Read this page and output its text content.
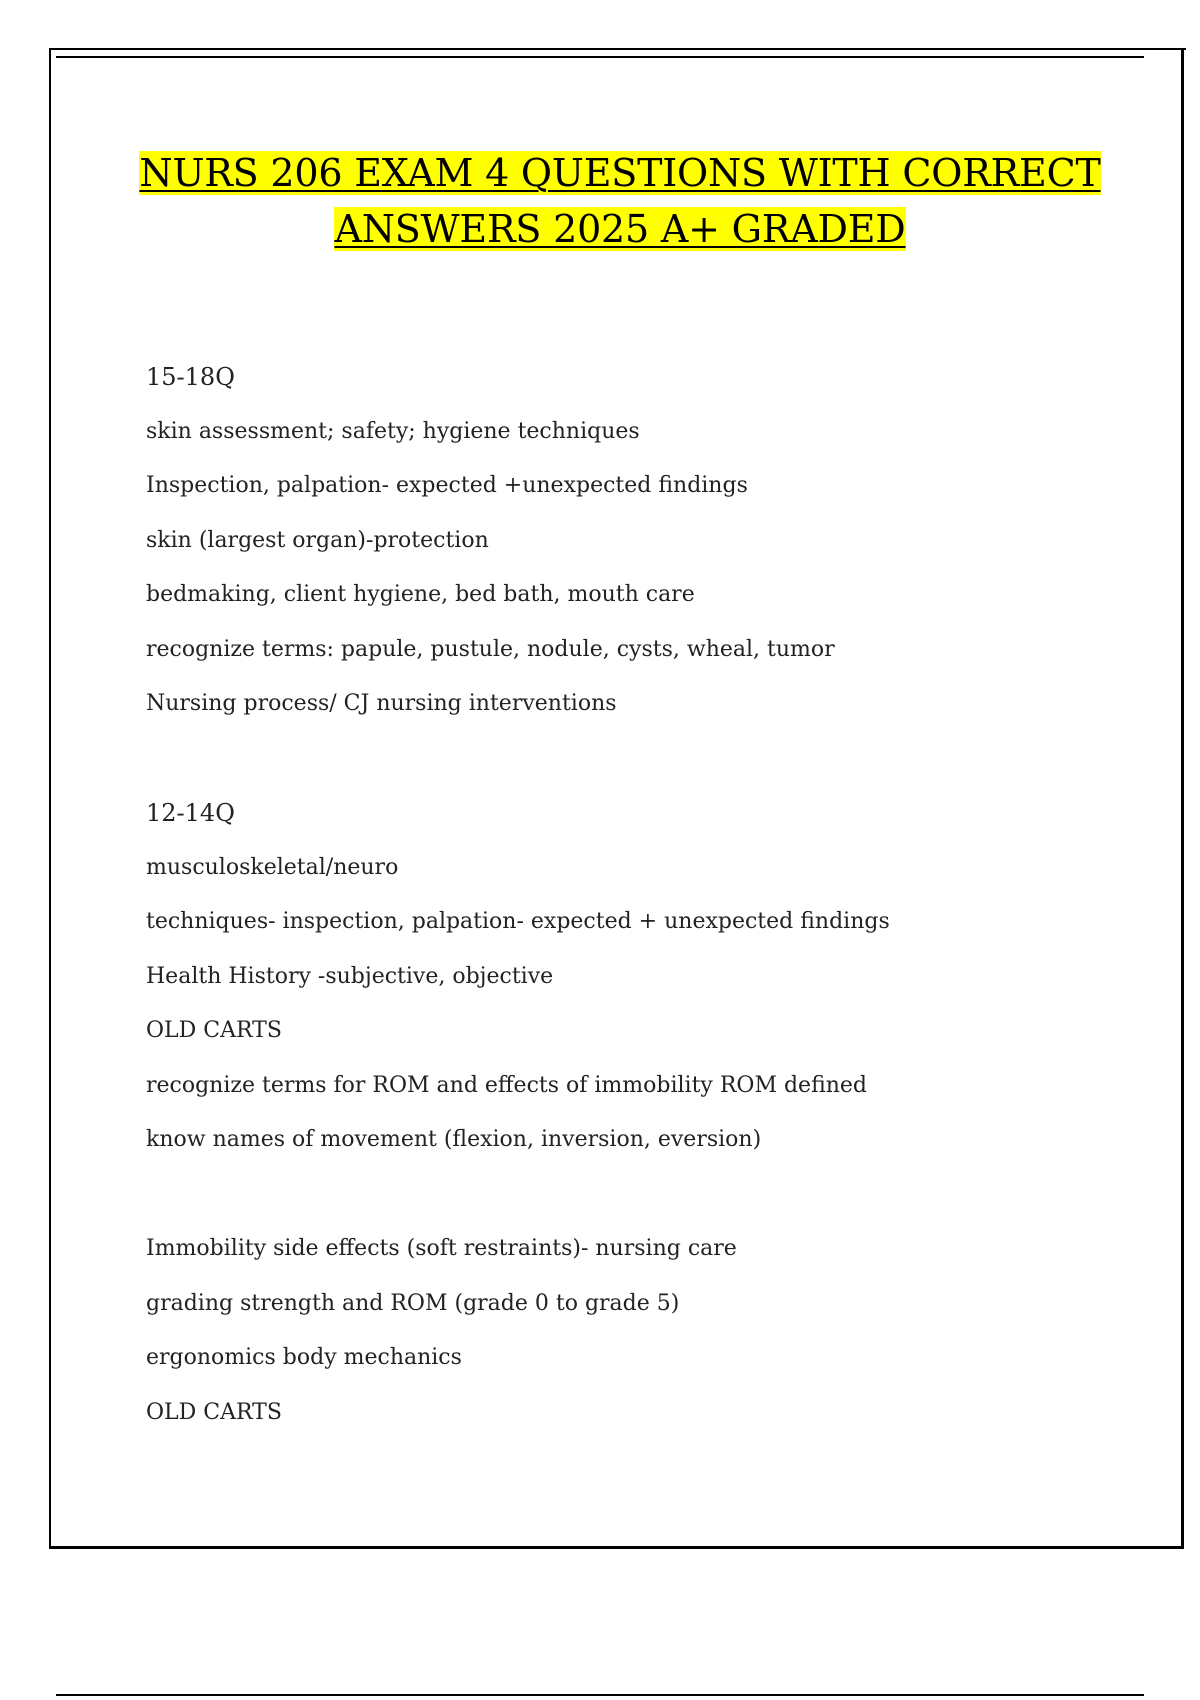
NURS 206 EXAM 4 QUESTIONS WITH CORRECT
ANSWERS 2025 A+ GRADED
15-18Q
skin assessment; safety; hygiene techniques
Inspection, palpation- expected +unexpected findings
skin (largest organ)-protection
bedmaking, client hygiene, bed bath, mouth care
recognize terms: papule, pustule, nodule, cysts, wheal, tumor
Nursing process/ CJ nursing interventions
12-14Q
musculoskeletal/neuro
techniques- inspection, palpation- expected + unexpected findings
Health History -subjective, objective
OLD CARTS
recognize terms for ROM and effects of immobility ROM defined
know names of movement (flexion, inversion, eversion)
Immobility side effects (soft restraints)- nursing care
grading strength and ROM (grade 0 to grade 5)
ergonomics body mechanics
OLD CARTS
